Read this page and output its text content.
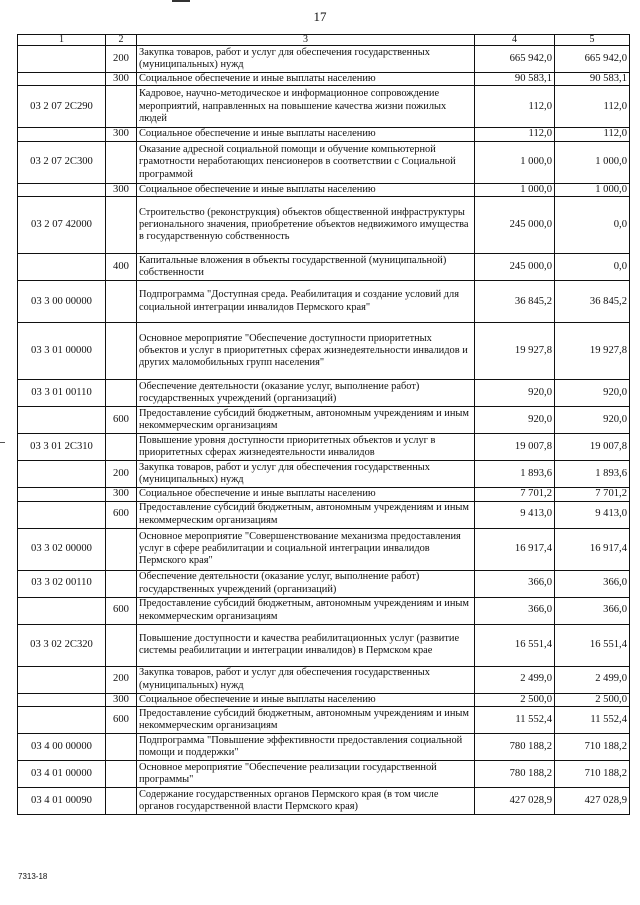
17
1	2	3	4	5
	200	Закупка товаров, работ и услуг для обеспечения государственных (муниципальных) нужд	665 942,0	665 942,0
	300	Социальное обеспечение и иные выплаты населению	90 583,1	90 583,1
03 2 07 2С290		Кадровое, научно-методическое и информационное сопровождение мероприятий, направленных на повышение качества жизни пожилых людей	112,0	112,0
	300	Социальное обеспечение и иные выплаты населению	112,0	112,0
03 2 07 2С300		Оказание адресной социальной помощи и обучение компьютерной грамотности неработающих пенсионеров в соответствии с Социальной программой	1 000,0	1 000,0
	300	Социальное обеспечение и иные выплаты населению	1 000,0	1 000,0
03 2 07 42000		Строительство (реконструкция) объектов общественной инфраструктуры регионального значения, приобретение объектов недвижимого имущества в государственную собственность	245 000,0	0,0
	400	Капитальные вложения в объекты государственной (муниципальной) собственности	245 000,0	0,0
03 3 00 00000		Подпрограмма "Доступная среда. Реабилитация и создание условий для социальной интеграции инвалидов Пермского края"	36 845,2	36 845,2
03 3 01 00000		Основное мероприятие "Обеспечение доступности приоритетных объектов и услуг в приоритетных сферах жизнедеятельности инвалидов и других маломобильных групп населения"	19 927,8	19 927,8
03 3 01 00110		Обеспечение деятельности (оказание услуг, выполнение работ) государственных учреждений (организаций)	920,0	920,0
	600	Предоставление субсидий бюджетным, автономным учреждениям и иным некоммерческим организациям	920,0	920,0
03 3 01 2С310		Повышение уровня доступности приоритетных объектов и услуг в приоритетных сферах жизнедеятельности инвалидов	19 007,8	19 007,8
	200	Закупка товаров, работ и услуг для обеспечения государственных (муниципальных) нужд	1 893,6	1 893,6
	300	Социальное обеспечение и иные выплаты населению	7 701,2	7 701,2
	600	Предоставление субсидий бюджетным, автономным учреждениям и иным некоммерческим организациям	9 413,0	9 413,0
03 3 02 00000		Основное мероприятие "Совершенствование механизма предоставления услуг в сфере реабилитации и социальной интеграции инвалидов Пермского края"	16 917,4	16 917,4
03 3 02 00110		Обеспечение деятельности (оказание услуг, выполнение работ) государственных учреждений (организаций)	366,0	366,0
	600	Предоставление субсидий бюджетным, автономным учреждениям и иным некоммерческим организациям	366,0	366,0
03 3 02 2С320		Повышение доступности и качества реабилитационных услуг (развитие системы реабилитации и интеграции инвалидов) в Пермском крае	16 551,4	16 551,4
	200	Закупка товаров, работ и услуг для обеспечения государственных (муниципальных) нужд	2 499,0	2 499,0
	300	Социальное обеспечение и иные выплаты населению	2 500,0	2 500,0
	600	Предоставление субсидий бюджетным, автономным учреждениям и иным некоммерческим организациям	11 552,4	11 552,4
03 4 00 00000		Подпрограмма "Повышение эффективности предоставления социальной помощи и поддержки"	780 188,2	710 188,2
03 4 01 00000		Основное мероприятие "Обеспечение реализации государственной программы"	780 188,2	710 188,2
03 4 01 00090		Содержание государственных органов Пермского края (в том числе органов государственной власти Пермского края)	427 028,9	427 028,9
7313-18
